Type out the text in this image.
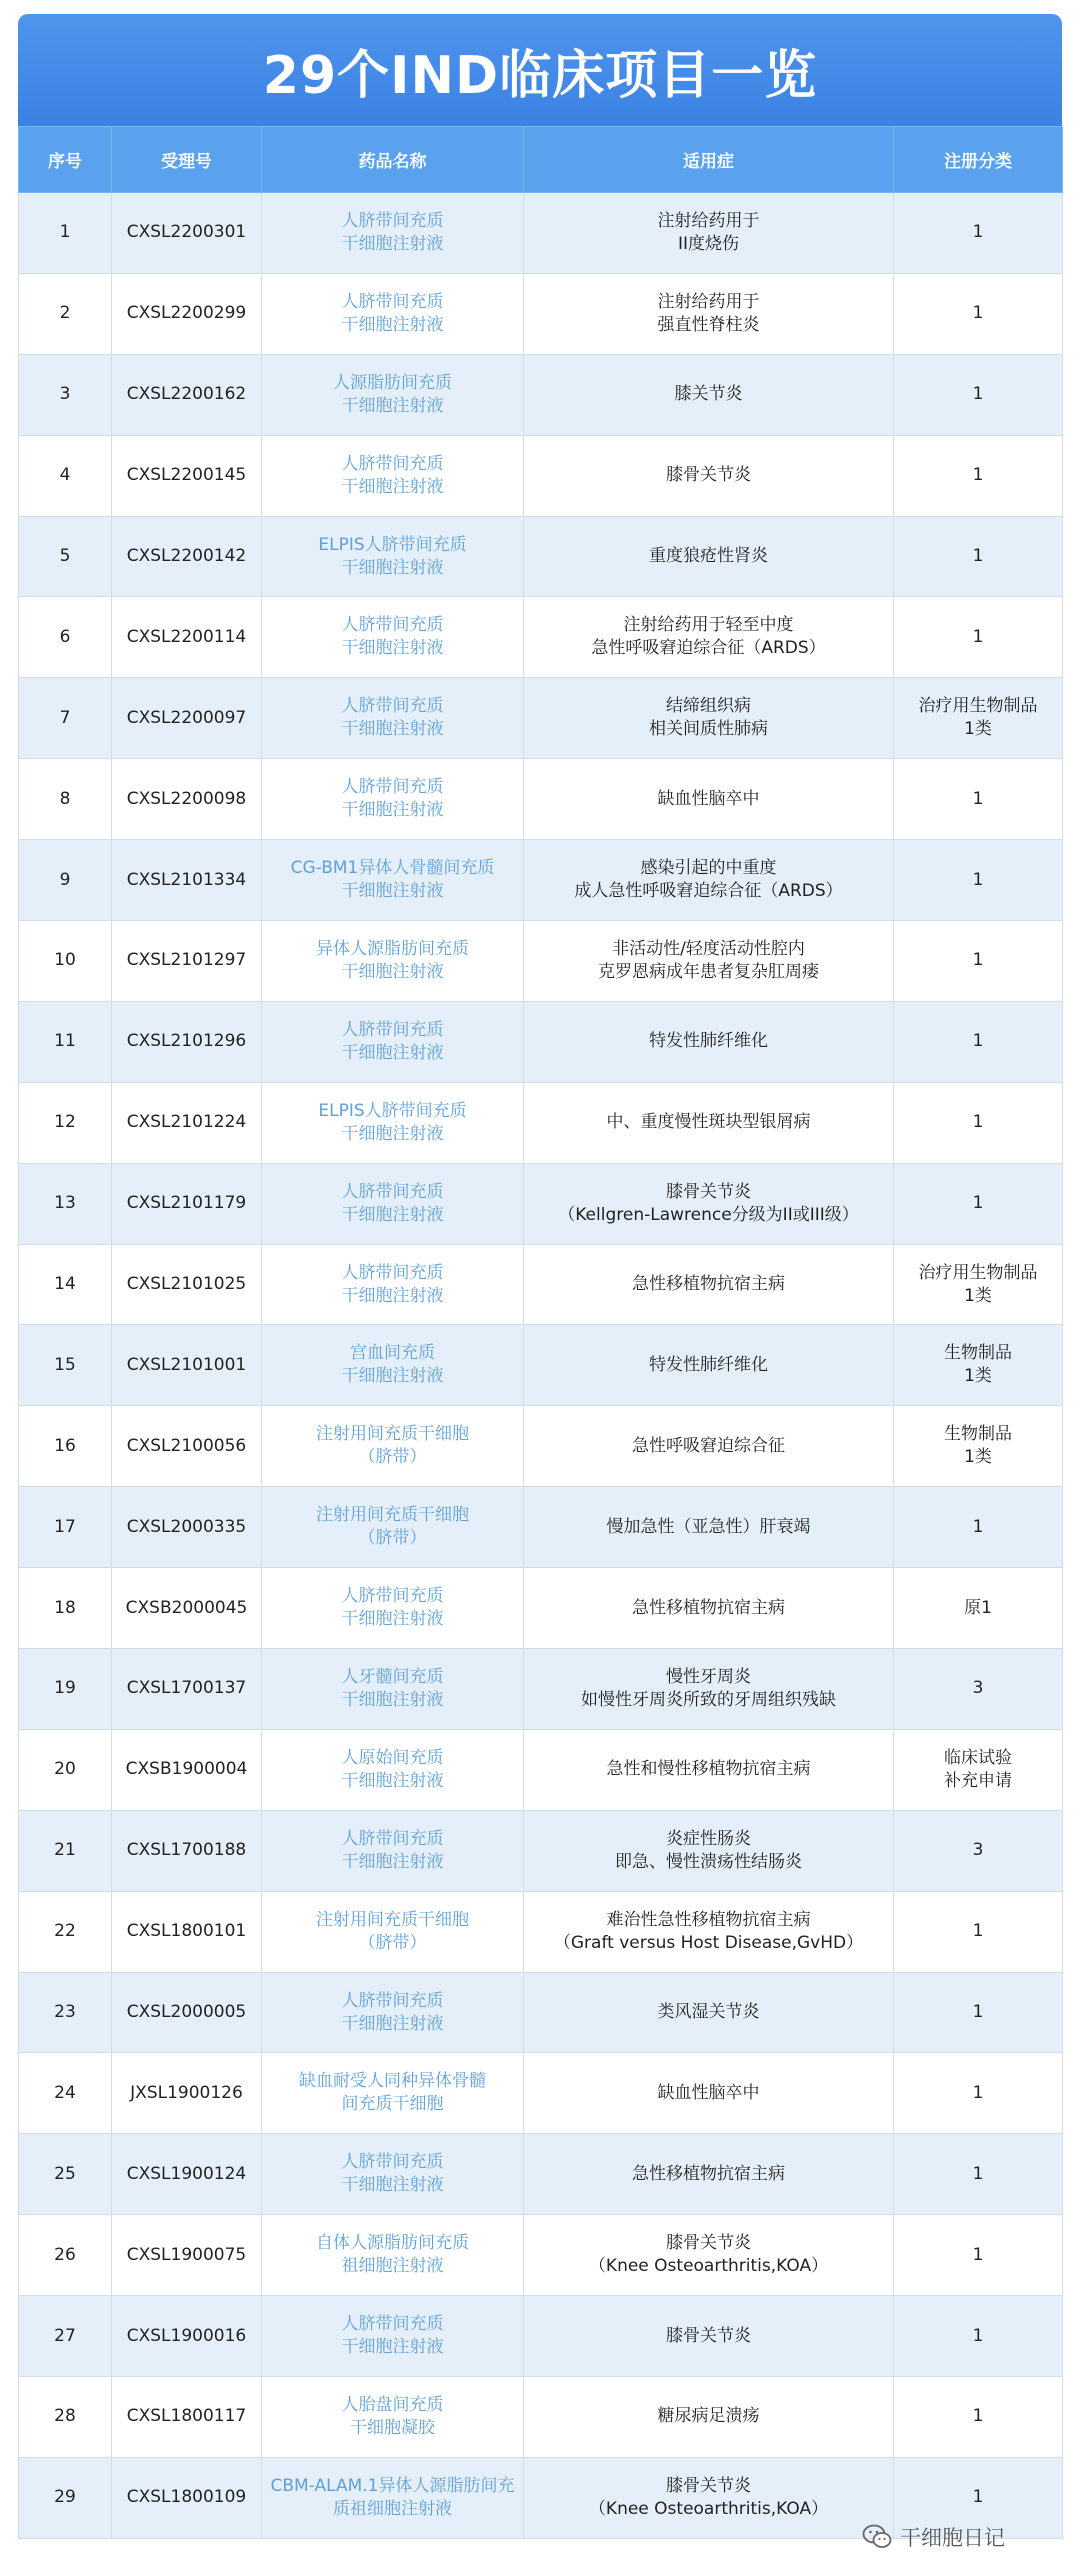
29个IND临床项目一览
序号	受理号	药品名称	适用症	注册分类
1	CXSL2200301	人脐带间充质
干细胞注射液	注射给药用于
II度烧伤	1

2	CXSL2200299	人脐带间充质
干细胞注射液	注射给药用于
强直性脊柱炎	1

3	CXSL2200162	人源脂肪间充质
干细胞注射液	膝关节炎	1

4	CXSL2200145	人脐带间充质
干细胞注射液	膝骨关节炎	1

5	CXSL2200142	ELPIS人脐带间充质
干细胞注射液	重度狼疮性肾炎	1

6	CXSL2200114	人脐带间充质
干细胞注射液	注射给药用于轻至中度
急性呼吸窘迫综合征（ARDS）	1

7	CXSL2200097	人脐带间充质
干细胞注射液	结缔组织病
相关间质性肺病	治疗用生物制品
1类

8	CXSL2200098	人脐带间充质
干细胞注射液	缺血性脑卒中	1

9	CXSL2101334	CG-BM1异体人骨髓间充质
干细胞注射液	感染引起的中重度
成人急性呼吸窘迫综合征（ARDS）	1

10	CXSL2101297	异体人源脂肪间充质
干细胞注射液	非活动性/轻度活动性腔内
克罗恩病成年患者复杂肛周瘘	1

11	CXSL2101296	人脐带间充质
干细胞注射液	特发性肺纤维化	1

12	CXSL2101224	ELPIS人脐带间充质
干细胞注射液	中、重度慢性斑块型银屑病	1

13	CXSL2101179	人脐带间充质
干细胞注射液	膝骨关节炎
（Kellgren-Lawrence分级为II或III级）	1

14	CXSL2101025	人脐带间充质
干细胞注射液	急性移植物抗宿主病	治疗用生物制品
1类

15	CXSL2101001	宫血间充质
干细胞注射液	特发性肺纤维化	生物制品
1类

16	CXSL2100056	注射用间充质干细胞
（脐带）	急性呼吸窘迫综合征	生物制品
1类

17	CXSL2000335	注射用间充质干细胞
（脐带）	慢加急性（亚急性）肝衰竭	1

18	CXSB2000045	人脐带间充质
干细胞注射液	急性移植物抗宿主病	原1

19	CXSL1700137	人牙髓间充质
干细胞注射液	慢性牙周炎
如慢性牙周炎所致的牙周组织残缺	3

20	CXSB1900004	人原始间充质
干细胞注射液	急性和慢性移植物抗宿主病	临床试验
补充申请

21	CXSL1700188	人脐带间充质
干细胞注射液	炎症性肠炎
即急、慢性溃疡性结肠炎	3

22	CXSL1800101	注射用间充质干细胞
（脐带）	难治性急性移植物抗宿主病
（Graft versus Host Disease,GvHD）	1

23	CXSL2000005	人脐带间充质
干细胞注射液	类风湿关节炎	1

24	JXSL1900126	缺血耐受人同种异体骨髓
间充质干细胞	缺血性脑卒中	1

25	CXSL1900124	人脐带间充质
干细胞注射液	急性移植物抗宿主病	1

26	CXSL1900075	自体人源脂肪间充质
祖细胞注射液	膝骨关节炎
（Knee Osteoarthritis,KOA）	1

27	CXSL1900016	人脐带间充质
干细胞注射液	膝骨关节炎	1

28	CXSL1800117	人胎盘间充质
干细胞凝胶	糖尿病足溃疡	1

29	CXSL1800109	CBM-ALAM.1异体人源脂肪间充
质祖细胞注射液	膝骨关节炎
（Knee Osteoarthritis,KOA）	1
干细胞日记
